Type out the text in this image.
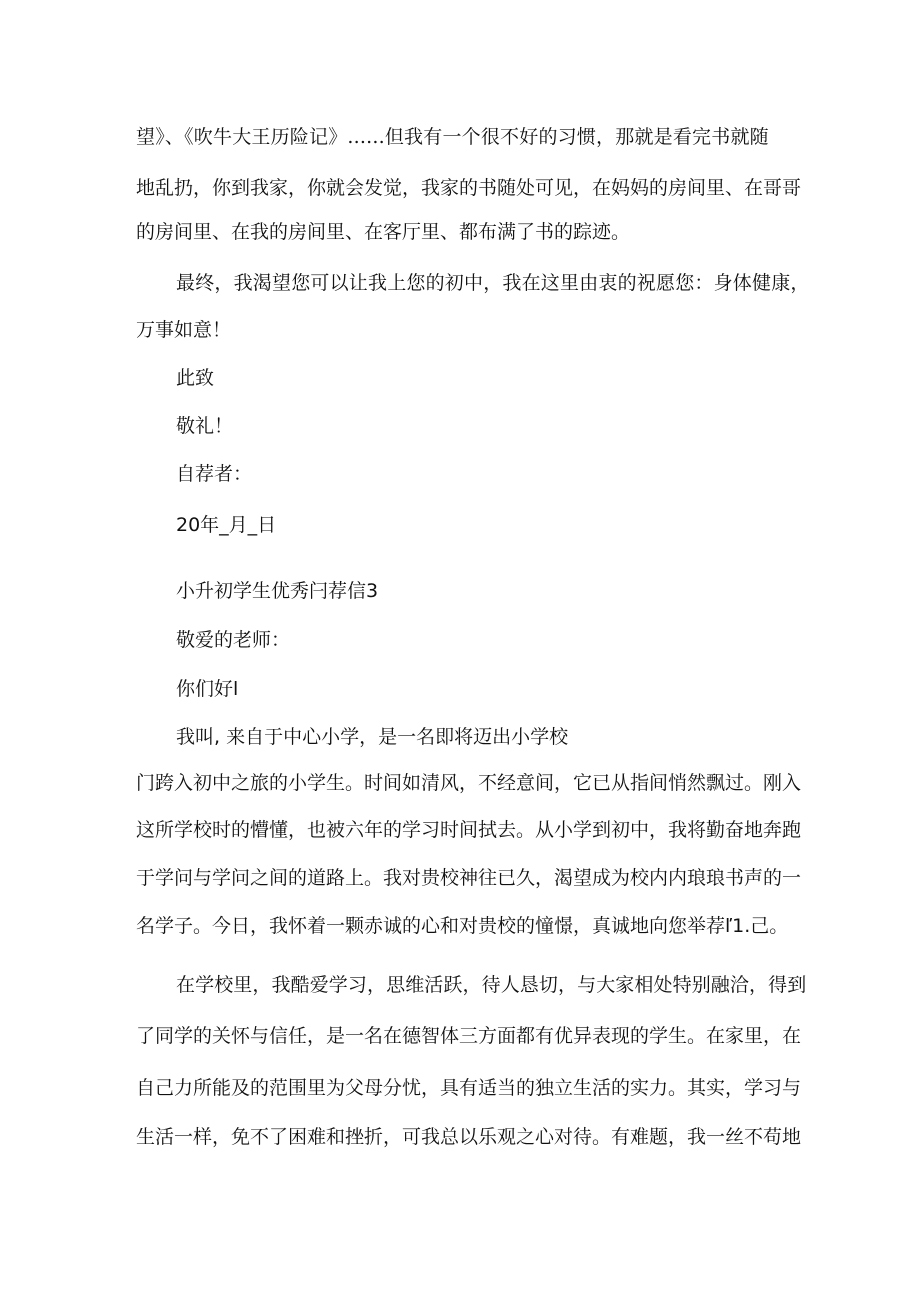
望》、《吹牛大王历险记》......但我有一个很不好的习惯，那就是看完书就随
地乱扔，你到我家，你就会发觉，我家的书随处可见，在妈妈的房间里、在哥哥
的房间里、在我的房间里、在客厅里、都布满了书的踪迹。
最终，我渴望您可以让我上您的初中，我在这里由衷的祝愿您：身体健康，
万事如意！
此致
敬礼！
自荐者：
20年_月_日
小升初学生优秀闩荐信3
敬爱的老师：
你们好l
我叫, 来自于中心小学，是一名即将迈出小学校
门跨入初中之旅的小学生。时间如清风，不经意间，它已从指间悄然飘过。刚入
这所学校时的懵懂，也被六年的学习时间拭去。从小学到初中，我将勤奋地奔跑
于学问与学问之间的道路上。我对贵校神往已久，渴望成为校内内琅琅书声的一
名学子。今日，我怀着一颗赤诚的心和对贵校的憧憬，真诚地向您举荐ľ1.己。
在学校里，我酷爱学习，思维活跃，待人恳切，与大家相处特别融洽，得到
了同学的关怀与信任，是一名在德智体三方面都有优异表现的学生。在家里，在
自己力所能及的范围里为父母分忧，具有适当的独立生活的实力。其实，学习与
生活一样，免不了困难和挫折，可我总以乐观之心对待。有难题，我一丝不苟地
